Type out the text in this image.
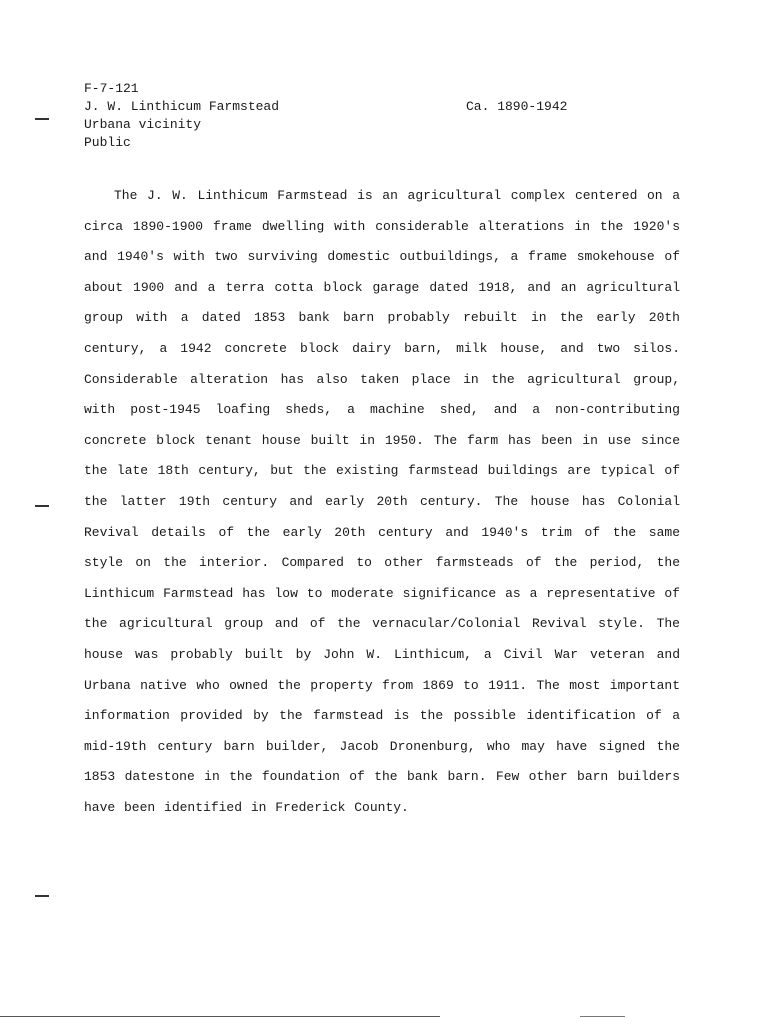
F-7-121
J. W. Linthicum Farmstead
Urbana vicinity
Public
Ca. 1890-1942

The J. W. Linthicum Farmstead is an agricultural complex centered on a circa 1890-1900 frame dwelling with considerable alterations in the 1920's and 1940's with two surviving domestic outbuildings, a frame smokehouse of about 1900 and a terra cotta block garage dated 1918, and an agricultural group with a dated 1853 bank barn probably rebuilt in the early 20th century, a 1942 concrete block dairy barn, milk house, and two silos. Considerable alteration has also taken place in the agricultural group, with post-1945 loafing sheds, a machine shed, and a non-contributing concrete block tenant house built in 1950. The farm has been in use since the late 18th century, but the existing farmstead buildings are typical of the latter 19th century and early 20th century. The house has Colonial Revival details of the early 20th century and 1940's trim of the same style on the interior. Compared to other farmsteads of the period, the Linthicum Farmstead has low to moderate significance as a representative of the agricultural group and of the vernacular/Colonial Revival style. The house was probably built by John W. Linthicum, a Civil War veteran and Urbana native who owned the property from 1869 to 1911. The most important information provided by the farmstead is the possible identification of a mid-19th century barn builder, Jacob Dronenburg, who may have signed the 1853 datestone in the foundation of the bank barn. Few other barn builders have been identified in Frederick County.
